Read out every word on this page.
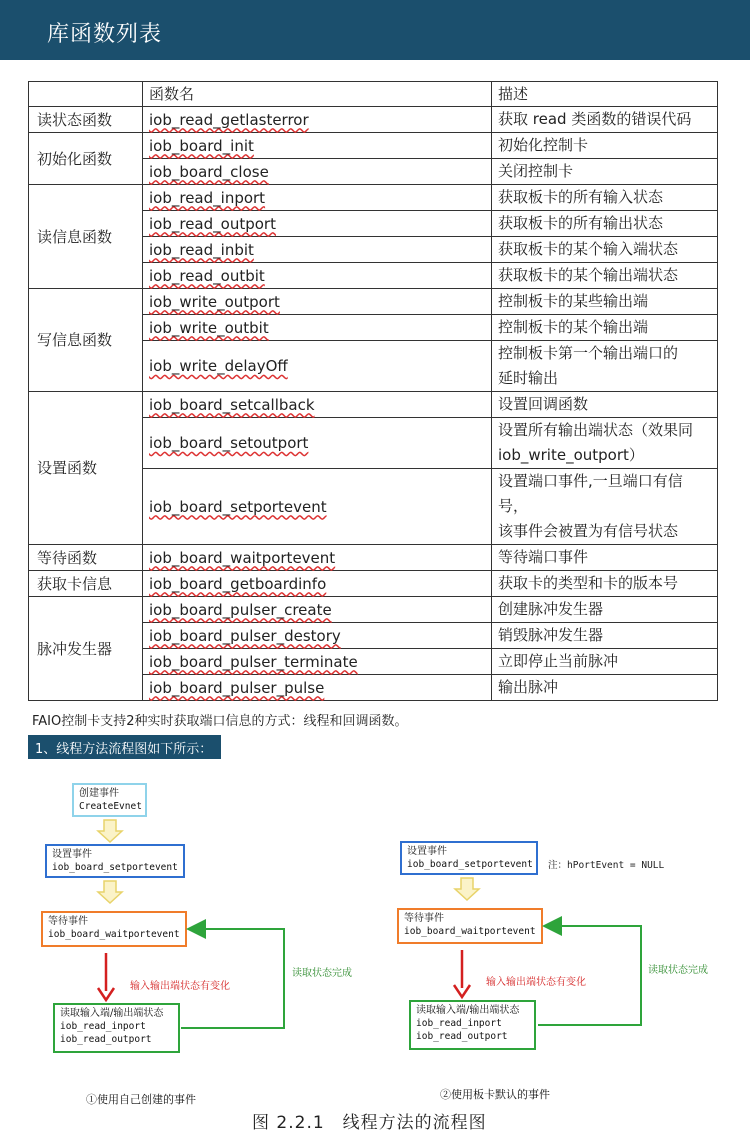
库函数列表
	函数名	描述
读状态函数	iob_read_getlasterror	获取 read 类函数的错误代码

初始化函数	iob_board_init	初始化控制卡

	iob_board_close	关闭控制卡

读信息函数	iob_read_inport	获取板卡的所有输入状态

	iob_read_outport	获取板卡的所有输出状态

	iob_read_inbit	获取板卡的某个输入端状态

	iob_read_outbit	获取板卡的某个输出端状态

写信息函数	iob_write_outport	控制板卡的某些输出端

	iob_write_outbit	控制板卡的某个输出端

	iob_write_delayOff	控制板卡第一个输出端口的
延时输出

设置函数	iob_board_setcallback	设置回调函数

	iob_board_setoutport	设置所有输出端状态（效果同
iob_write_outport）

	iob_board_setportevent	设置端口事件,一旦端口有信
号，
该事件会被置为有信号状态

等待函数	iob_board_waitportevent	等待端口事件

获取卡信息	iob_board_getboardinfo	获取卡的类型和卡的版本号

脉冲发生器	iob_board_pulser_create	创建脉冲发生器

	iob_board_pulser_destory	销毁脉冲发生器

	iob_board_pulser_terminate	立即停止当前脉冲

	iob_board_pulser_pulse	输出脉冲
FAIO控制卡支持2种实时获取端口信息的方式：线程和回调函数。
1、线程方法流程图如下所示：
创建事件
CreateEvnet
设置事件
iob_board_setportevent
等待事件
iob_board_waitportevent
读取输入端/输出端状态
iob_read_inport
iob_read_outport
输入输出端状态有变化
读取状态完成
①使用自己创建的事件
设置事件
iob_board_setportevent 注：hPortEvent = NULL
等待事件
iob_board_waitportevent
读取输入端/输出端状态
iob_read_inport
iob_read_outport
输入输出端状态有变化
读取状态完成
②使用板卡默认的事件
图 2.2.1　线程方法的流程图
